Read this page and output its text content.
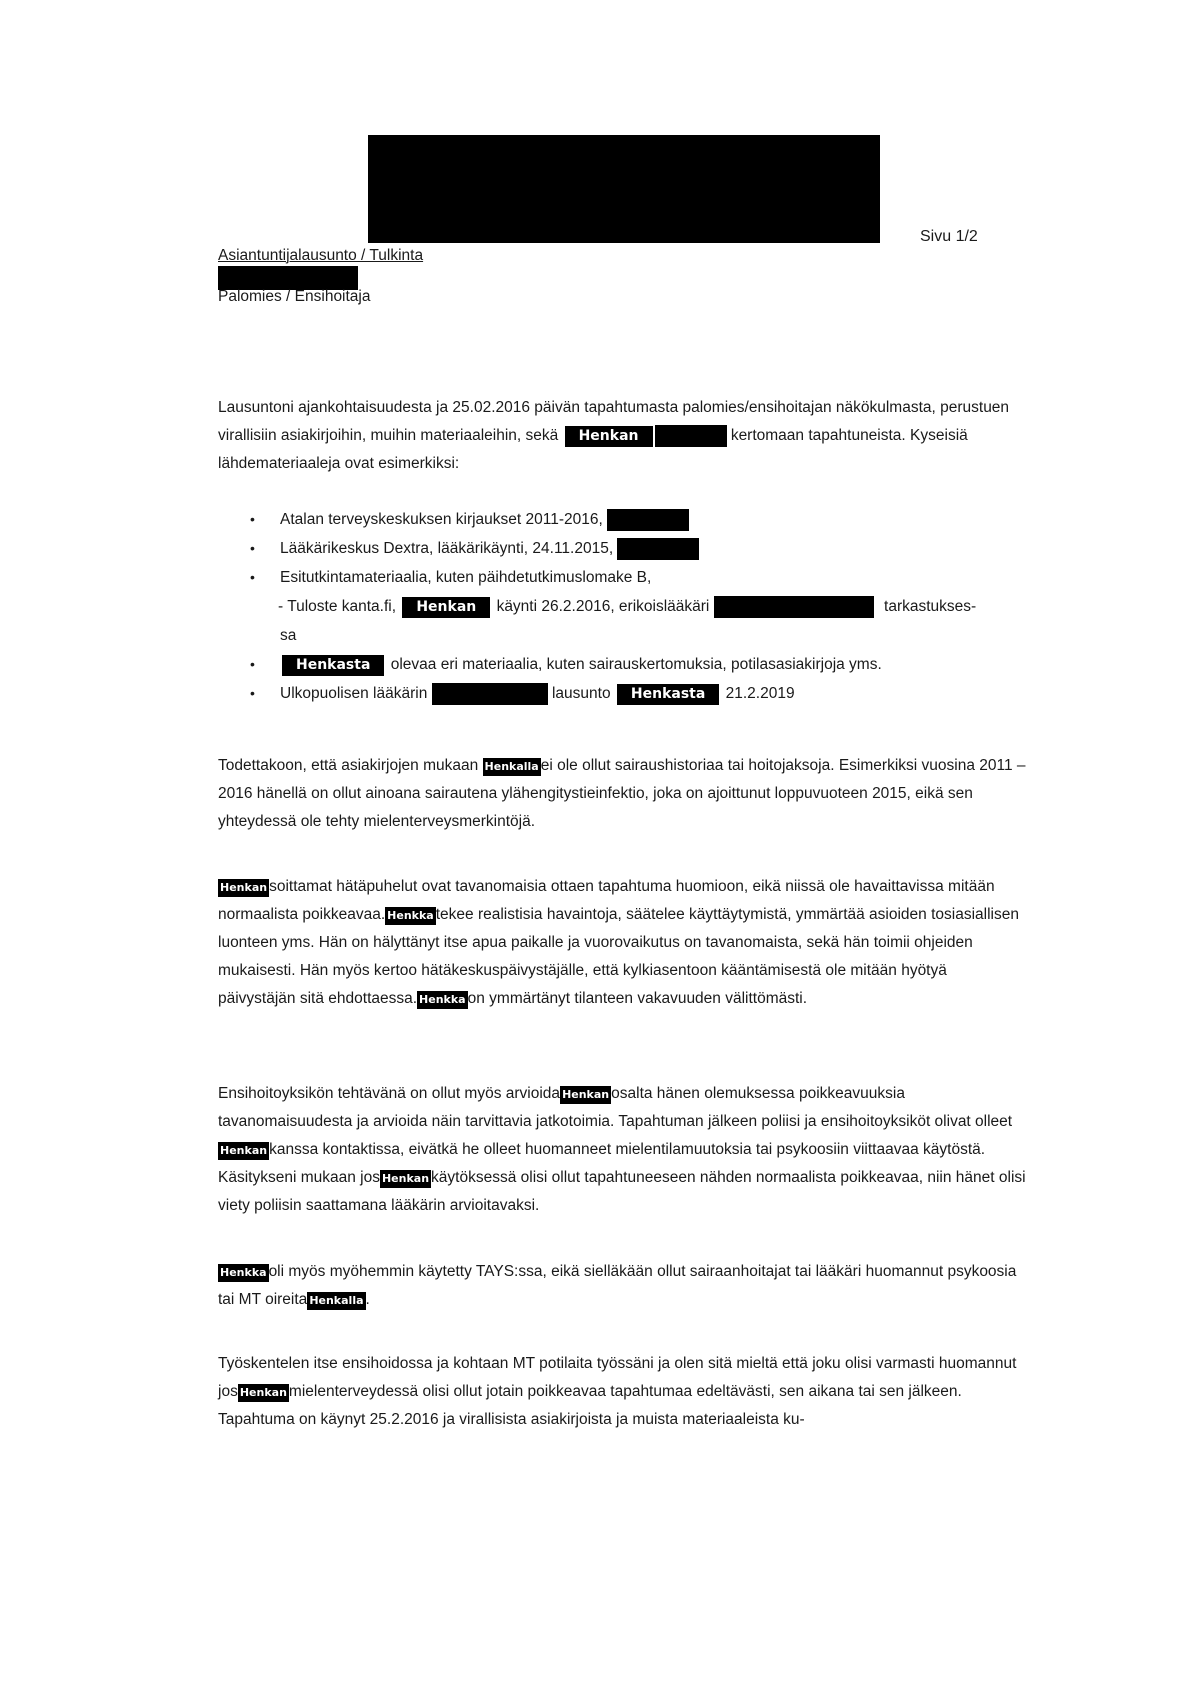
Sivu 1/2
Asiantuntijalausunto / Tulkinta
Palomies / Ensihoitaja
Lausuntoni ajankohtaisuudesta ja 25.02.2016 päivän tapahtumasta palomies/ensihoitajan näkökulmasta, perustuen virallisiin asiakirjoihin, muihin materiaaleihin, sekä Henkan	kertomaan tapahtuneista. Kyseisiä lähdemateriaaleja ovat esimerkiksi:
• Atalan terveyskeskuksen kirjaukset 2011-2016,
• Lääkärikeskus Dextra, lääkärikäynti, 24.11.2015,
• Esitutkintamateriaalia, kuten päihdetutkimuslomake B,
- Tuloste kanta.fi, Henkan käynti 26.2.2016, erikoislääkäri	tarkastukses-
sa
• Henkasta olevaa eri materiaalia, kuten sairauskertomuksia, potilasasiakirjoja yms.
• Ulkopuolisen lääkärin	lausunto Henkasta 21.2.2019
Todettakoon, että asiakirjojen mukaan Henkalla ei ole ollut sairaushistoriaa tai hoitojaksoja. Esimerkiksi vuosina 2011 – 2016 hänellä on ollut ainoana sairautena ylähengitystieinfektio, joka on ajoittunut loppuvuoteen 2015, eikä sen yhteydessä ole tehty mielenterveysmerkintöjä.
Henkan soittamat hätäpuhelut ovat tavanomaisia ottaen tapahtuma huomioon, eikä niissä ole havaittavissa mitään normaalista poikkeavaa. Henkka tekee realistisia havaintoja, säätelee käyttäytymistä, ymmärtää asioiden tosiasiallisen luonteen yms. Hän on hälyttänyt itse apua paikalle ja vuorovaikutus on tavanomaista, sekä hän toimii ohjeiden mukaisesti. Hän myös kertoo hätäkeskuspäivystäjälle, että kylkiasentoon kääntämisestä ole mitään hyötyä päivystäjän sitä ehdottaessa. Henkka on ymmärtänyt tilanteen vakavuuden välittömästi.
Ensihoitoyksikön tehtävänä on ollut myös arvioida Henkan osalta hänen olemuksessa poikkeavuuksia tavanomaisuudesta ja arvioida näin tarvittavia jatkotoimia. Tapahtuman jälkeen poliisi ja ensihoitoyksiköt olivat olleetHenkan kanssa kontaktissa, eivätkä he olleet huomanneet mielentilamuutoksia tai psykoosiin viittaavaa käytöstä. Käsitykseni mukaan jos Henkan käytöksessä olisi ollut tapahtuneeseen nähden normaalista poikkeavaa, niin hänet olisi viety poliisin saattamana lääkärin arvioitavaksi.
Henkka oli myös myöhemmin käytetty TAYS:ssa, eikä sielläkään ollut sairaanhoitajat tai lääkäri huomannut psykoosia tai MT oireita Henkalla .
Työskentelen itse ensihoidossa ja kohtaan MT potilaita työssäni ja olen sitä mieltä että joku olisi varmasti huomannut jos Henkan mielenterveydessä olisi ollut jotain poikkeavaa tapahtumaa edeltävästi, sen aikana tai sen jälkeen. Tapahtuma on käynyt 25.2.2016 ja virallisista asiakirjoista ja muista materiaaleista ku-
